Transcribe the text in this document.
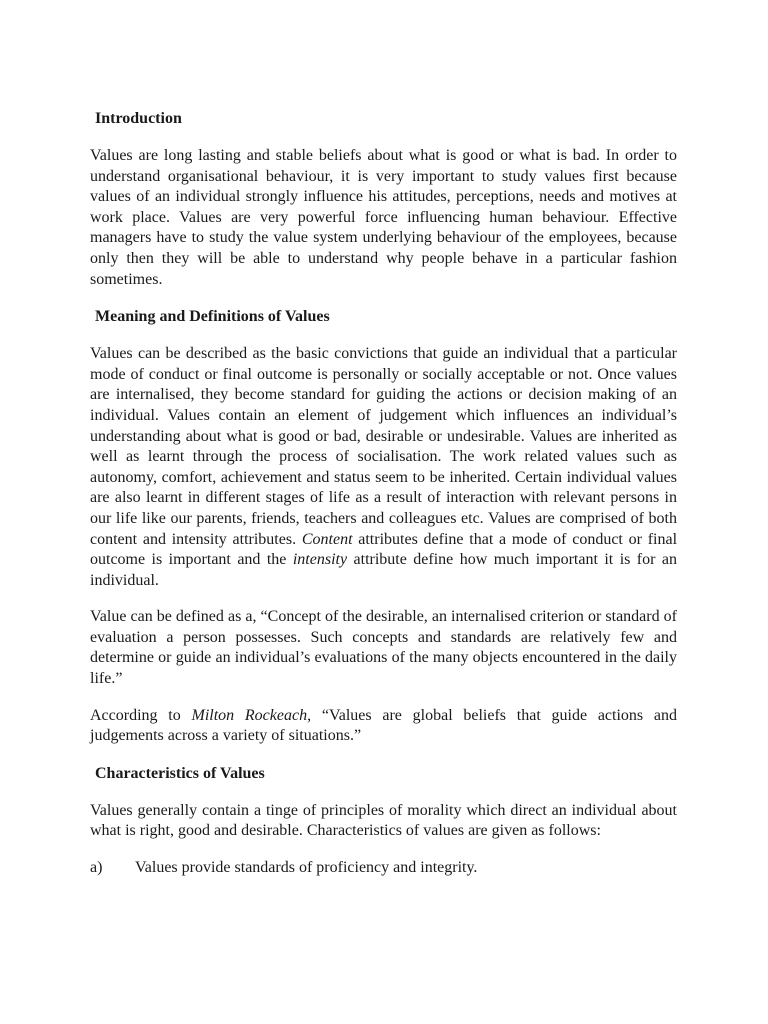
Introduction

Values are long lasting and stable beliefs about what is good or what is bad. In order to understand organisational behaviour, it is very important to study values first because values of an individual strongly influence his attitudes, perceptions, needs and motives at work place. Values are very powerful force influencing human behaviour. Effective managers have to study the value system underlying behaviour of the employees, because only then they will be able to understand why people behave in a particular fashion sometimes.

Meaning and Definitions of Values

Values can be described as the basic convictions that guide an individual that a particular mode of conduct or final outcome is personally or socially acceptable or not. Once values are internalised, they become standard for guiding the actions or decision making of an individual. Values contain an element of judgement which influences an individual’s understanding about what is good or bad, desirable or undesirable. Values are inherited as well as learnt through the process of socialisation. The work related values such as autonomy, comfort, achievement and status seem to be inherited. Certain individual values are also learnt in different stages of life as a result of interaction with relevant persons in our life like our parents, friends, teachers and colleagues etc. Values are comprised of both content and intensity attributes. Content attributes define that a mode of conduct or final outcome is important and the intensity attribute define how much important it is for an individual.

Value can be defined as a, “Concept of the desirable, an internalised criterion or standard of evaluation a person possesses. Such concepts and standards are relatively few and determine or guide an individual’s evaluations of the many objects encountered in the daily life.”

According to Milton Rockeach, “Values are global beliefs that guide actions and judgements across a variety of situations.”

Characteristics of Values

Values generally contain a tinge of principles of morality which direct an individual about what is right, good and desirable. Characteristics of values are given as follows:

a)	Values provide standards of proficiency and integrity.
